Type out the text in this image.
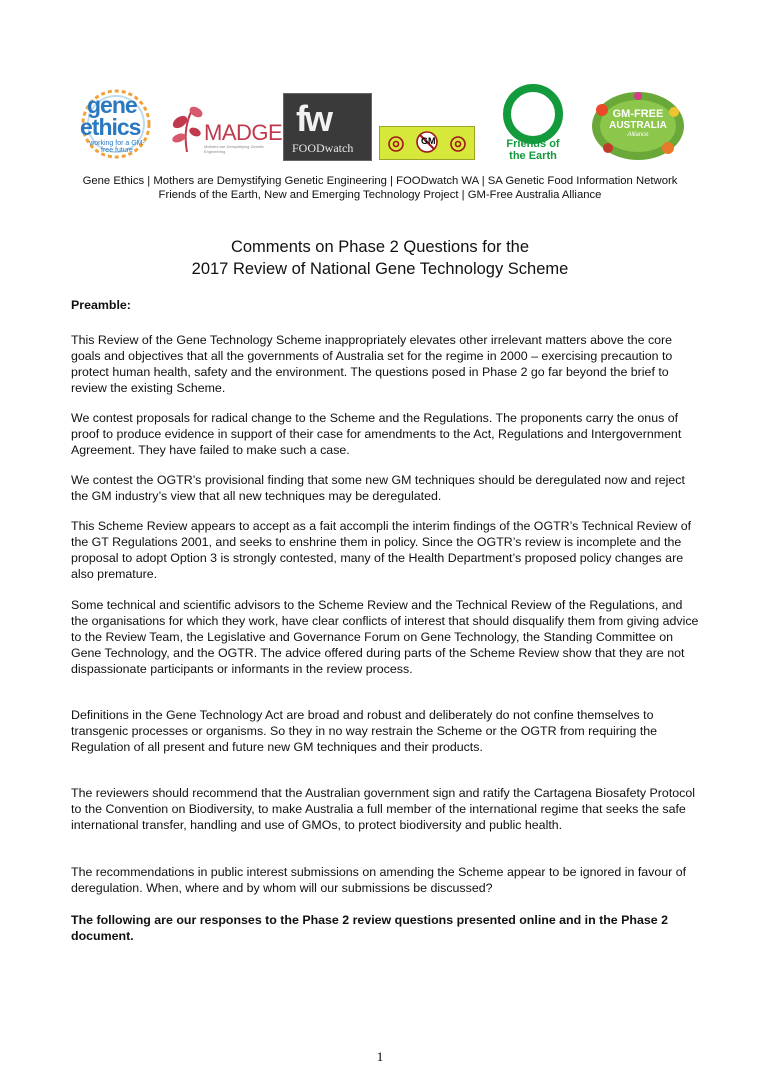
gene
ethics
working for a GM-free future
MADGE
Mothers are Demystifying Genetic Engineering
fw
FOODwatch	GM	Friends of
the Earth
GM-FREE
AUSTRALIA
Alliance
Gene Ethics | Mothers are Demystifying Genetic Engineering | FOODwatch WA | SA Genetic Food Information Network
Friends of the Earth, New and Emerging Technology Project | GM-Free Australia Alliance
Comments on Phase 2 Questions for the
2017 Review of National Gene Technology Scheme
Preamble:

This Review of the Gene Technology Scheme inappropriately elevates other irrelevant matters above the core goals and objectives that all the governments of Australia set for the regime in 2000 – exercising precaution to protect human health, safety and the environment. The questions posed in Phase 2 go far beyond the brief to review the existing Scheme.

We contest proposals for radical change to the Scheme and the Regulations. The proponents carry the onus of proof to produce evidence in support of their case for amendments to the Act, Regulations and Intergovernment Agreement. They have failed to make such a case.

We contest the OGTR’s provisional finding that some new GM techniques should be deregulated now and reject the GM industry’s view that all new techniques may be deregulated.

This Scheme Review appears to accept as a fait accompli the interim findings of the OGTR’s Technical Review of the GT Regulations 2001, and seeks to enshrine them in policy. Since the OGTR’s review is incomplete and the proposal to adopt Option 3 is strongly contested, many of the Health Department’s proposed policy changes are also premature.

Some technical and scientific advisors to the Scheme Review and the Technical Review of the Regulations, and the organisations for which they work, have clear conflicts of interest that should disqualify them from giving advice to the Review Team, the Legislative and Governance Forum on Gene Technology, the Standing Committee on Gene Technology, and the OGTR. The advice offered during parts of the Scheme Review show that they are not dispassionate participants or informants in the review process.

Definitions in the Gene Technology Act are broad and robust and deliberately do not confine themselves to transgenic processes or organisms. So they in no way restrain the Scheme or the OGTR from requiring the Regulation of all present and future new GM techniques and their products.

The reviewers should recommend that the Australian government sign and ratify the Cartagena Biosafety Protocol to the Convention on Biodiversity, to make Australia a full member of the international regime that seeks the safe international transfer, handling and use of GMOs, to protect biodiversity and public health.

The recommendations in public interest submissions on amending the Scheme appear to be ignored in favour of deregulation. When, where and by whom will our submissions be discussed?

The following are our responses to the Phase 2 review questions presented online and in the Phase 2 document.

1
